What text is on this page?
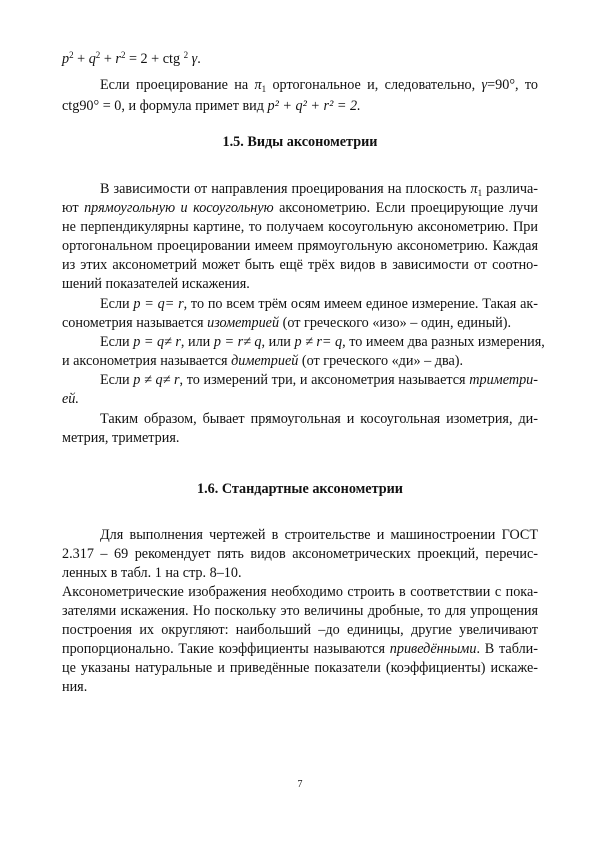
$p^2 + q^2 + r^2 = 2$ + ctg $^2$ γ.
Если проецирование на $\pi_1$ ортогональное и, следовательно, γ=90°, то
ctg90° = 0, и формула примет вид p² + q² + r² = 2.
1.5. Виды аксонометрии
В зависимости от направления проецирования на плоскость $\pi_1$ различа-
ют прямоугольную и косоугольную аксонометрию. Если проецирующие лучи
не перпендикулярны картине, то получаем косоугольную аксонометрию. При
ортогональном проецировании имеем прямоугольную аксонометрию. Каждая
из этих аксонометрий может быть ещё трёх видов в зависимости от соотно-
шений показателей искажения.
Если p = q= r, то по всем трём осям имеем единое измерение. Такая ак-
сонометрия называется изометрией (от греческого «изо» – один, единый).
Если p = q≠ r, или p = r≠ q, или p ≠ r= q, то имеем два разных измерения,
и аксонометрия называется диметрией (от греческого «ди» – два).
Если p ≠ q≠ r, то измерений три, и аксонометрия называется триметри-
ей.
Таким образом, бывает прямоугольная и косоугольная изометрия, ди-
метрия, триметрия.
1.6. Стандартные аксонометрии
Для выполнения чертежей в строительстве и машиностроении ГОСТ
2.317 – 69 рекомендует пять видов аксонометрических проекций, перечис-
ленных в табл. 1 на стр. 8–10.
Аксонометрические изображения необходимо строить в соответствии с пока-
зателями искажения. Но поскольку это величины дробные, то для упрощения
построения их округляют: наибольший –до единицы, другие увеличивают
пропорционально. Такие коэффициенты называются приведёнными. В табли-
це указаны натуральные и приведённые показатели (коэффициенты) искаже-
ния.
7
